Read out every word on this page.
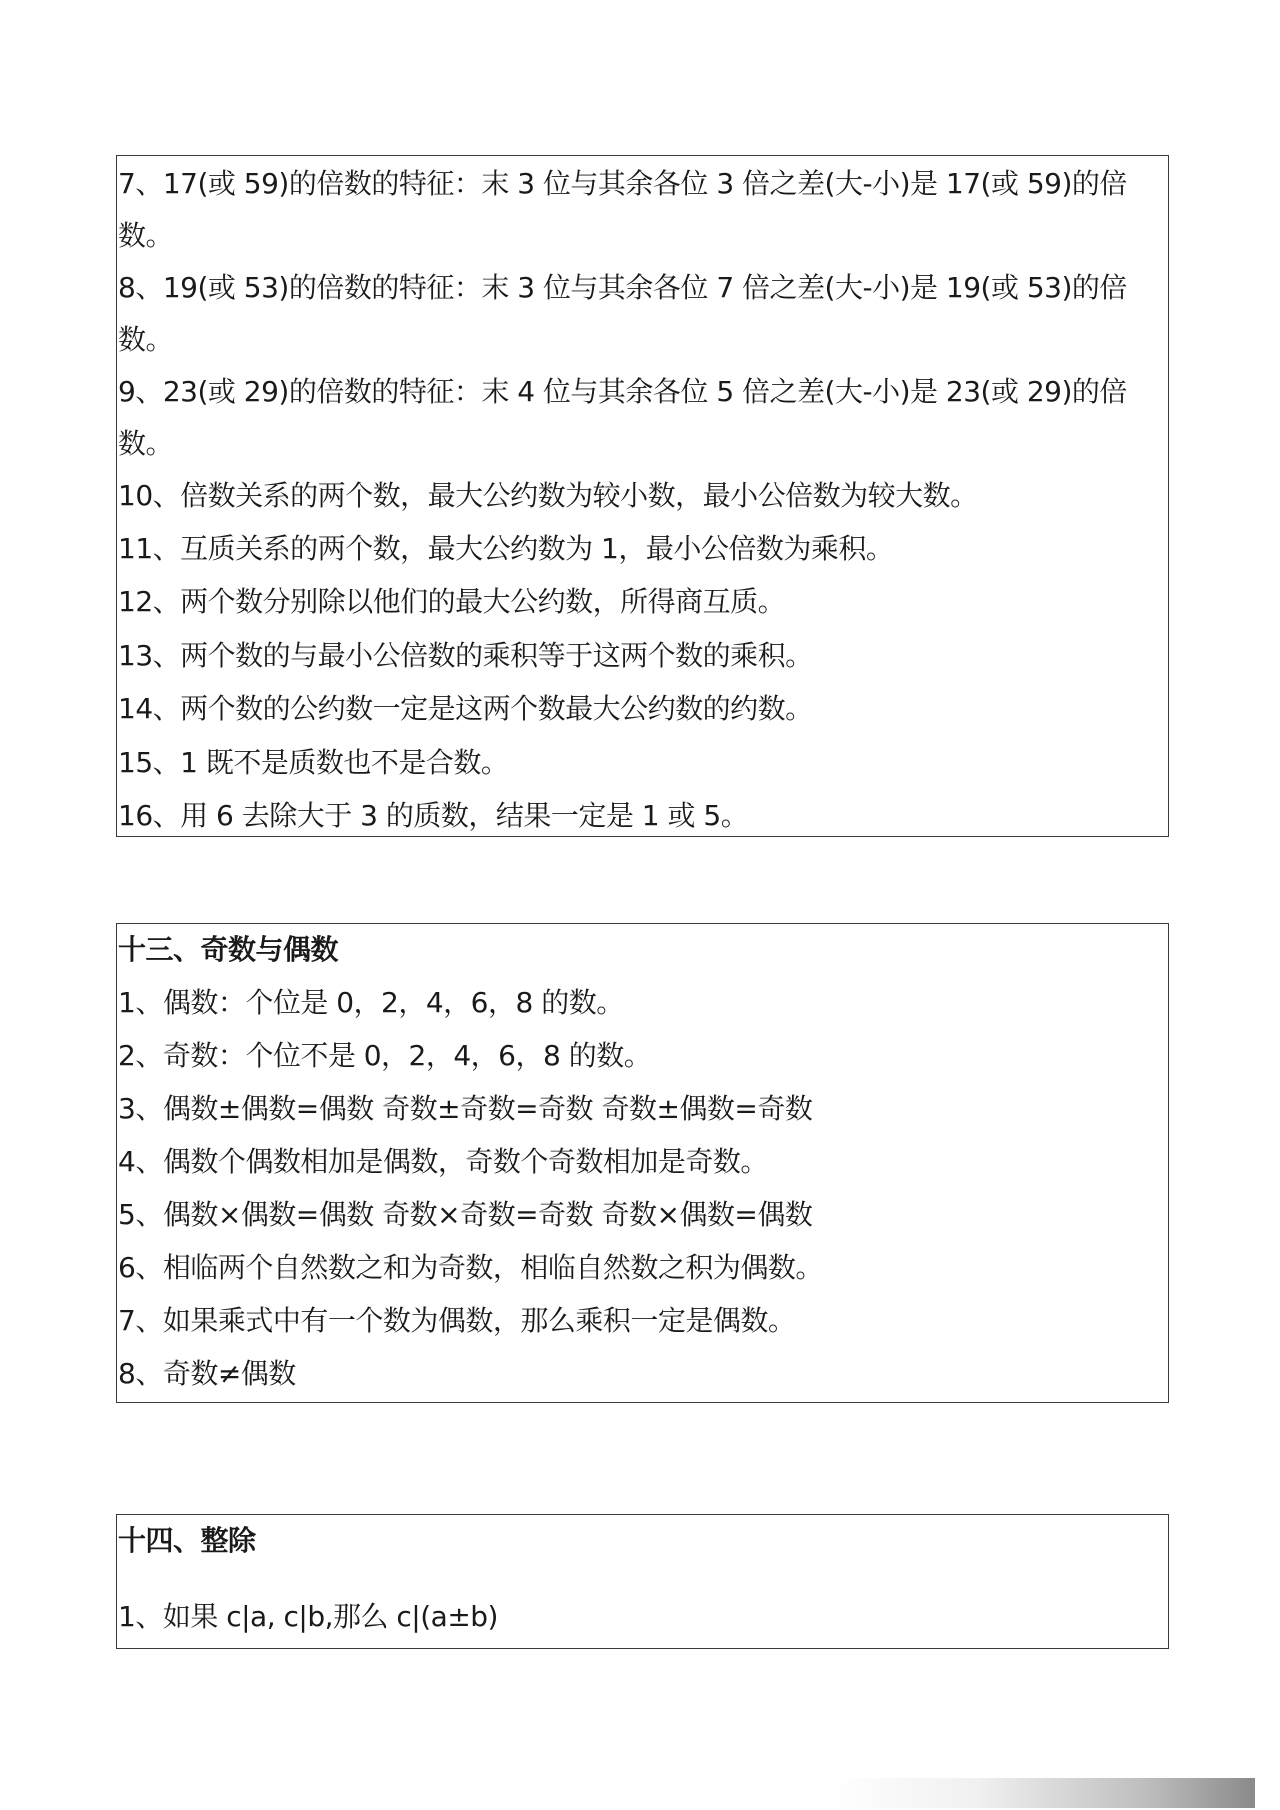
7、17(或 59)的倍数的特征：末 3 位与其余各位 3 倍之差(大-小)是 17(或 59)的倍
数。
8、19(或 53)的倍数的特征：末 3 位与其余各位 7 倍之差(大-小)是 19(或 53)的倍
数。
9、23(或 29)的倍数的特征：末 4 位与其余各位 5 倍之差(大-小)是 23(或 29)的倍
数。
10、倍数关系的两个数，最大公约数为较小数，最小公倍数为较大数。
11、互质关系的两个数，最大公约数为 1，最小公倍数为乘积。
12、两个数分别除以他们的最大公约数，所得商互质。
13、两个数的与最小公倍数的乘积等于这两个数的乘积。
14、两个数的公约数一定是这两个数最大公约数的约数。
15、1 既不是质数也不是合数。
16、用 6 去除大于 3 的质数，结果一定是 1 或 5。
十三、奇数与偶数
1、偶数：个位是 0，2，4，6，8 的数。
2、奇数：个位不是 0，2，4，6，8 的数。
3、偶数±偶数=偶数 奇数±奇数=奇数 奇数±偶数=奇数
4、偶数个偶数相加是偶数，奇数个奇数相加是奇数。
5、偶数×偶数=偶数 奇数×奇数=奇数 奇数×偶数=偶数
6、相临两个自然数之和为奇数，相临自然数之积为偶数。
7、如果乘式中有一个数为偶数，那么乘积一定是偶数。
8、奇数≠偶数
十四、整除
1、如果 c|a, c|b,那么 c|(a±b)
